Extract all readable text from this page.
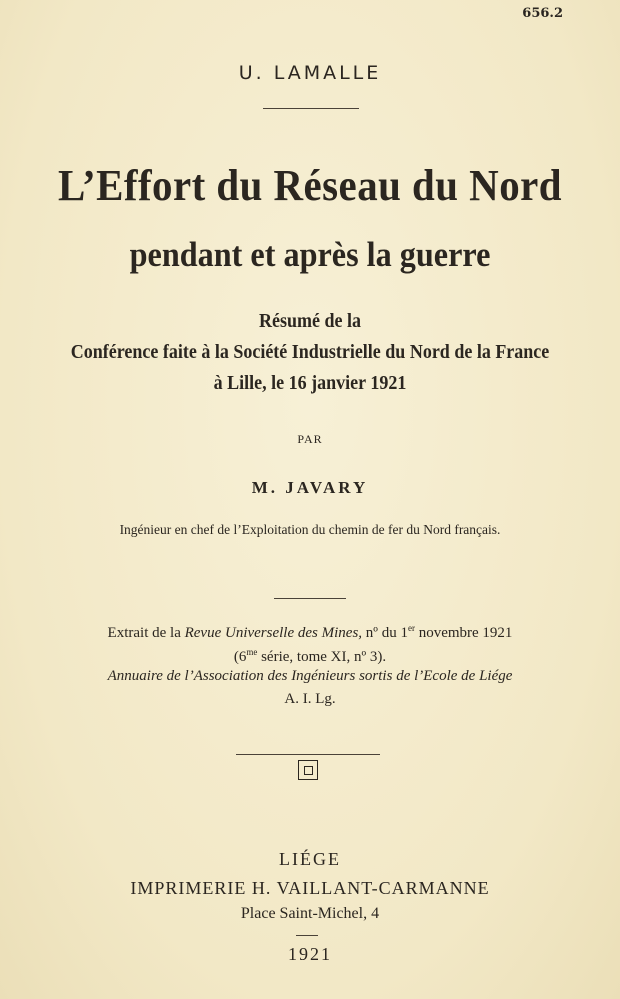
656.2
U. LAMALLE
L’Effort du Réseau du Nord
pendant et après la guerre
Résumé de la
Conférence faite à la Société Industrielle du Nord de la France
à Lille, le 16 janvier 1921
PAR
M. JAVARY
Ingénieur en chef de l’Exploitation du chemin de fer du Nord français.
Extrait de la Revue Universelle des Mines, nº du 1er novembre 1921
($6^{me}$ série, tome XI, nº 3).
Annuaire de l’Association des Ingénieurs sortis de l’Ecole de Liége
A. I. Lg.
LIÉGE
IMPRIMERIE H. VAILLANT-CARMANNE
Place Saint-Michel, 4
1921
